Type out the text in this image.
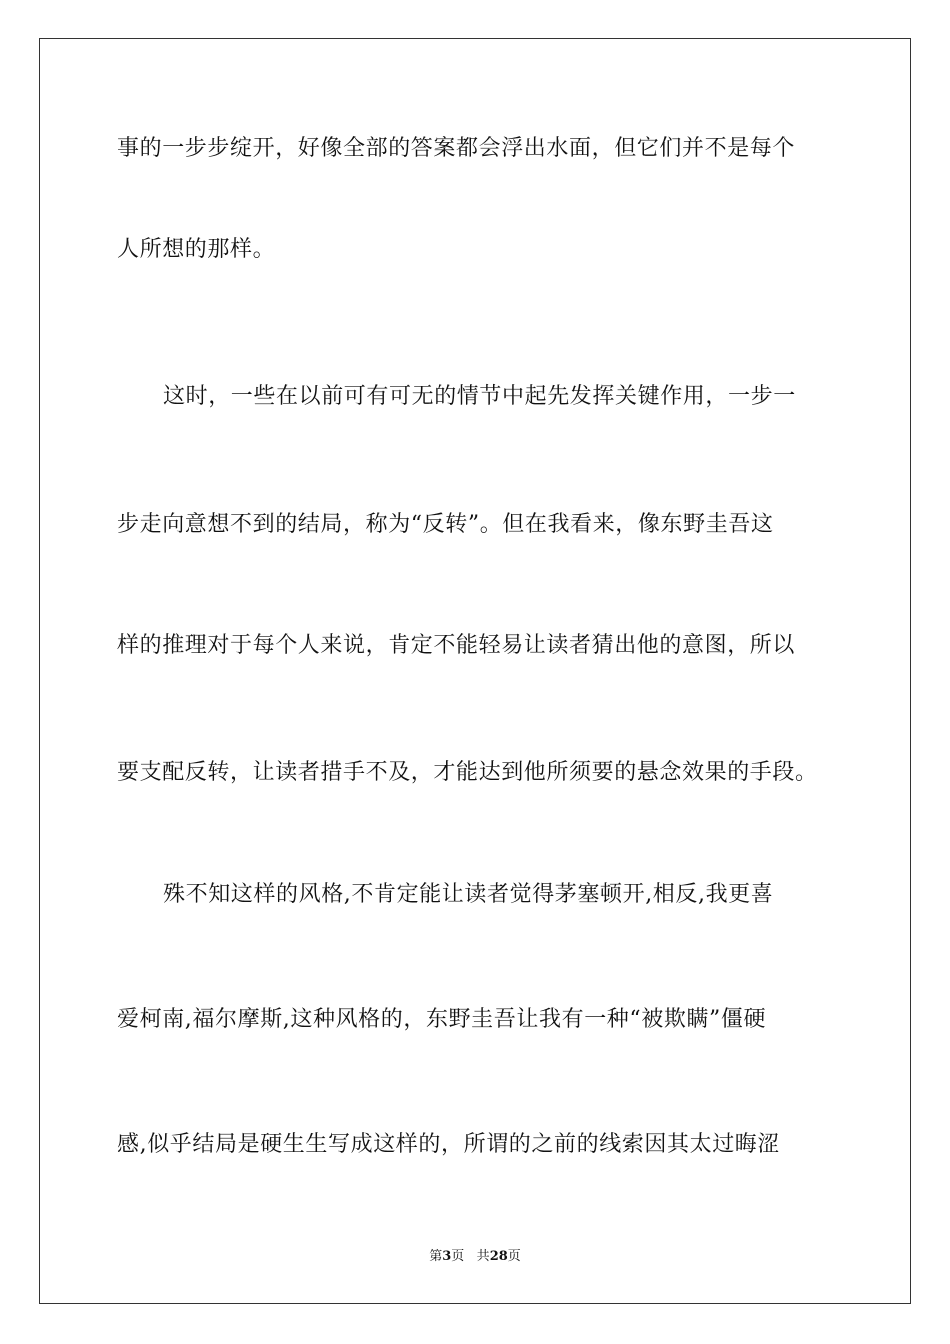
事的一步步绽开，好像全部的答案都会浮出水面，但它们并不是每个
人所想的那样。
这时，一些在以前可有可无的情节中起先发挥关键作用，一步一
步走向意想不到的结局，称为“反转”。但在我看来，像东野圭吾这
样的推理对于每个人来说，肯定不能轻易让读者猜出他的意图，所以
要支配反转，让读者措手不及，才能达到他所须要的悬念效果的手段。
殊不知这样的风格,不肯定能让读者觉得茅塞顿开,相反,我更喜
爱柯南,福尔摩斯,这种风格的，东野圭吾让我有一种“被欺瞒”僵硬
感,似乎结局是硬生生写成这样的，所谓的之前的线索因其太过晦涩
第3页 共28页
